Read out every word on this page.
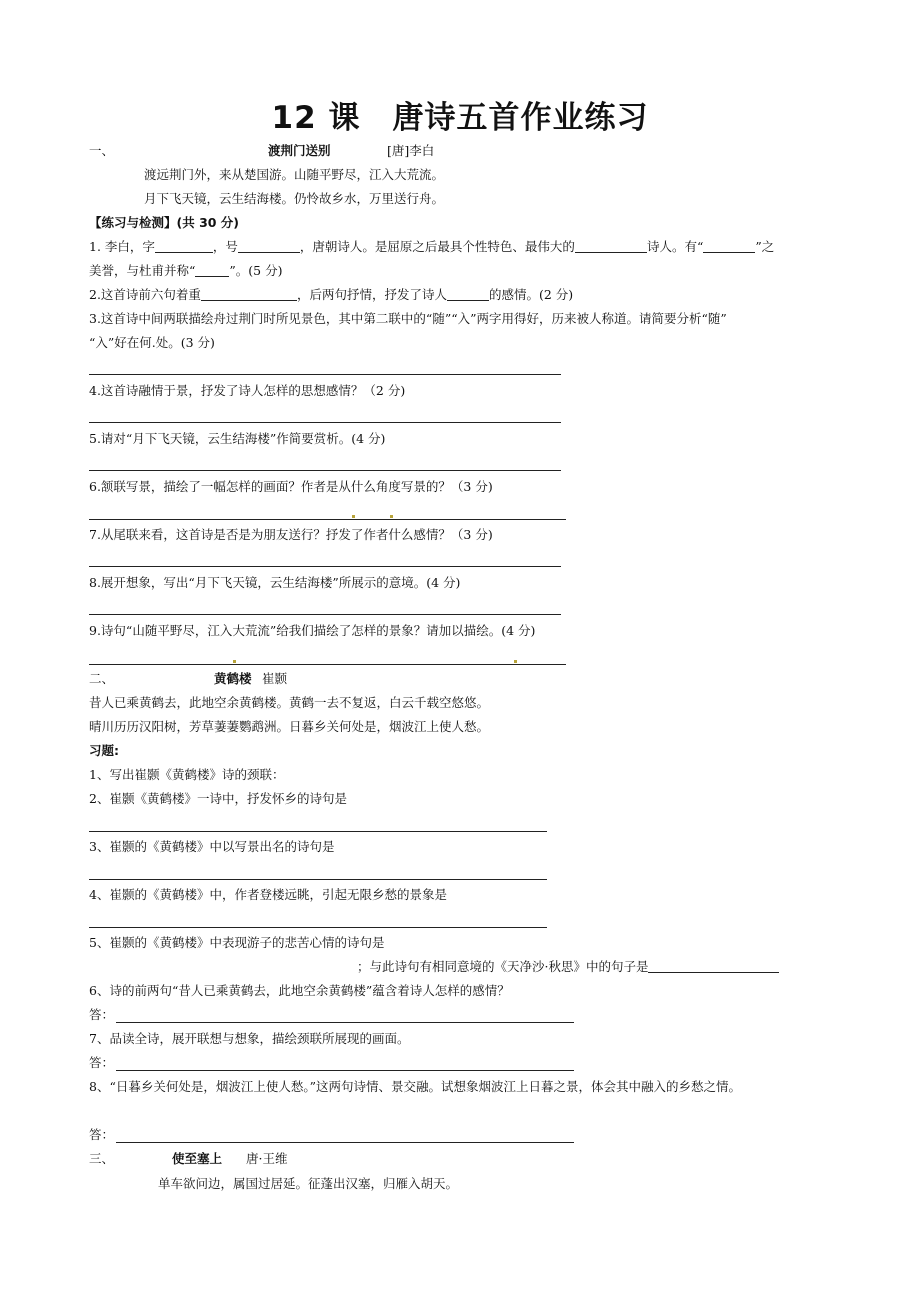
12 课　唐诗五首作业练习
一、	渡荆门送别	[唐]李白
渡远荆门外，来从楚国游。山随平野尽，江入大荒流。
月下飞天镜，云生结海楼。仍怜故乡水，万里送行舟。
【练习与检测】(共 30 分)
1. 李白，字	，号	，唐朝诗人。是屈原之后最具个性特色、最伟大的	诗人。有“	”之
美誉，与杜甫并称“	”。(5 分)
2.这首诗前六句着重	，后两句抒情，抒发了诗人	的感情。(2 分)
3.这首诗中间两联描绘舟过荆门时所见景色，其中第二联中的“随”“入”两字用得好，历来被人称道。请简要分析“随”
“入”好在何.处。(3 分)
4.这首诗融情于景，抒发了诗人怎样的思想感情？（2 分)
5.请对“月下飞天镜，云生结海楼”作简要赏析。(4 分)
6.颔联写景，描绘了一幅怎样的画面？作者是从什么角度写景的？（3 分)
7.从尾联来看，这首诗是否是为朋友送行？抒发了作者什么感情？（3 分)
8.展开想象，写出“月下飞天镜，云生结海楼”所展示的意境。(4 分)
9.诗句“山随平野尽，江入大荒流”给我们描绘了怎样的景象？请加以描绘。(4 分)
二、	黄鹤楼 崔颢
昔人已乘黄鹤去，此地空余黄鹤楼。黄鹤一去不复返，白云千载空悠悠。
晴川历历汉阳树，芳草萋萋鹦鹉洲。日暮乡关何处是，烟波江上使人愁。
习题:
1、写出崔颢《黄鹤楼》诗的颈联：
2、崔颢《黄鹤楼》一诗中，抒发怀乡的诗句是
3、崔颢的《黄鹤楼》中以写景出名的诗句是
4、崔颢的《黄鹤楼》中，作者登楼远眺，引起无限乡愁的景象是
5、崔颢的《黄鹤楼》中表现游子的悲苦心情的诗句是
；与此诗句有相同意境的《天净沙·秋思》中的句子是
6、诗的前两句“昔人已乘黄鹤去，此地空余黄鹤楼”蕴含着诗人怎样的感情？
答：
7、品读全诗，展开联想与想象，描绘颈联所展现的画面。
答：
8、“日暮乡关何处是，烟波江上使人愁。”这两句诗情、景交融。试想象烟波江上日暮之景，体会其中融入的乡愁之情。
答：
三、	使至塞上 唐·王维
单车欲问边，属国过居延。征蓬出汉塞，归雁入胡天。
